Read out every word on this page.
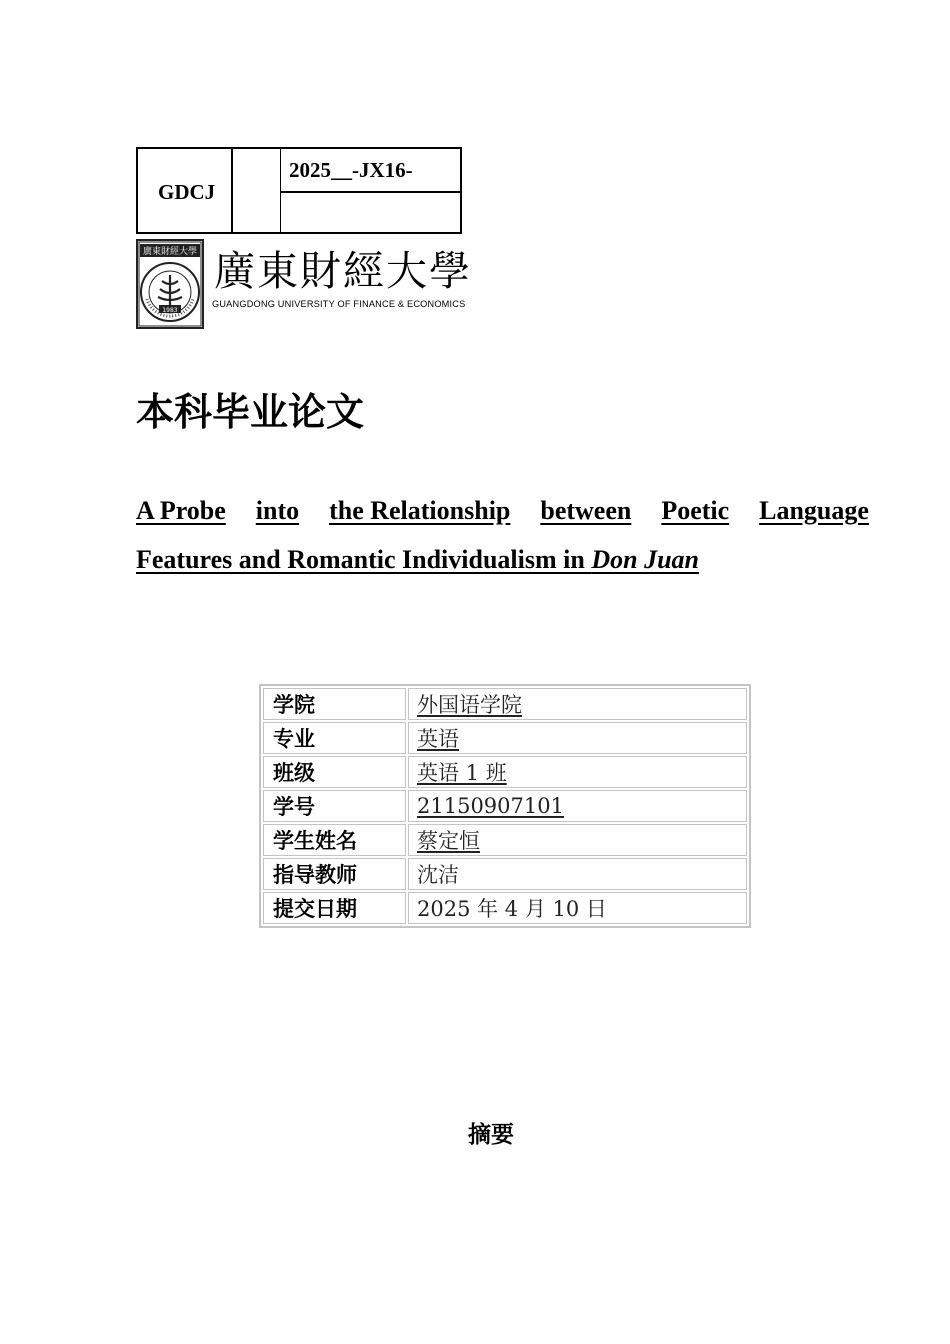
GDCJ
2025__-JX16-
廣東財經大學
1983
廣東財經大學
GUANGDONG UNIVERSITY OF FINANCE & ECONOMICS
本科毕业论文
A Probe into the Relationship between Poetic Language
Features and Romantic Individualism in Don Juan
学院	外国语学院
专业	英语
班级	英语 1 班
学号	21150907101
学生姓名	蔡定恒
指导教师	沈洁
提交日期	2025 年 4 月 10 日
摘要
